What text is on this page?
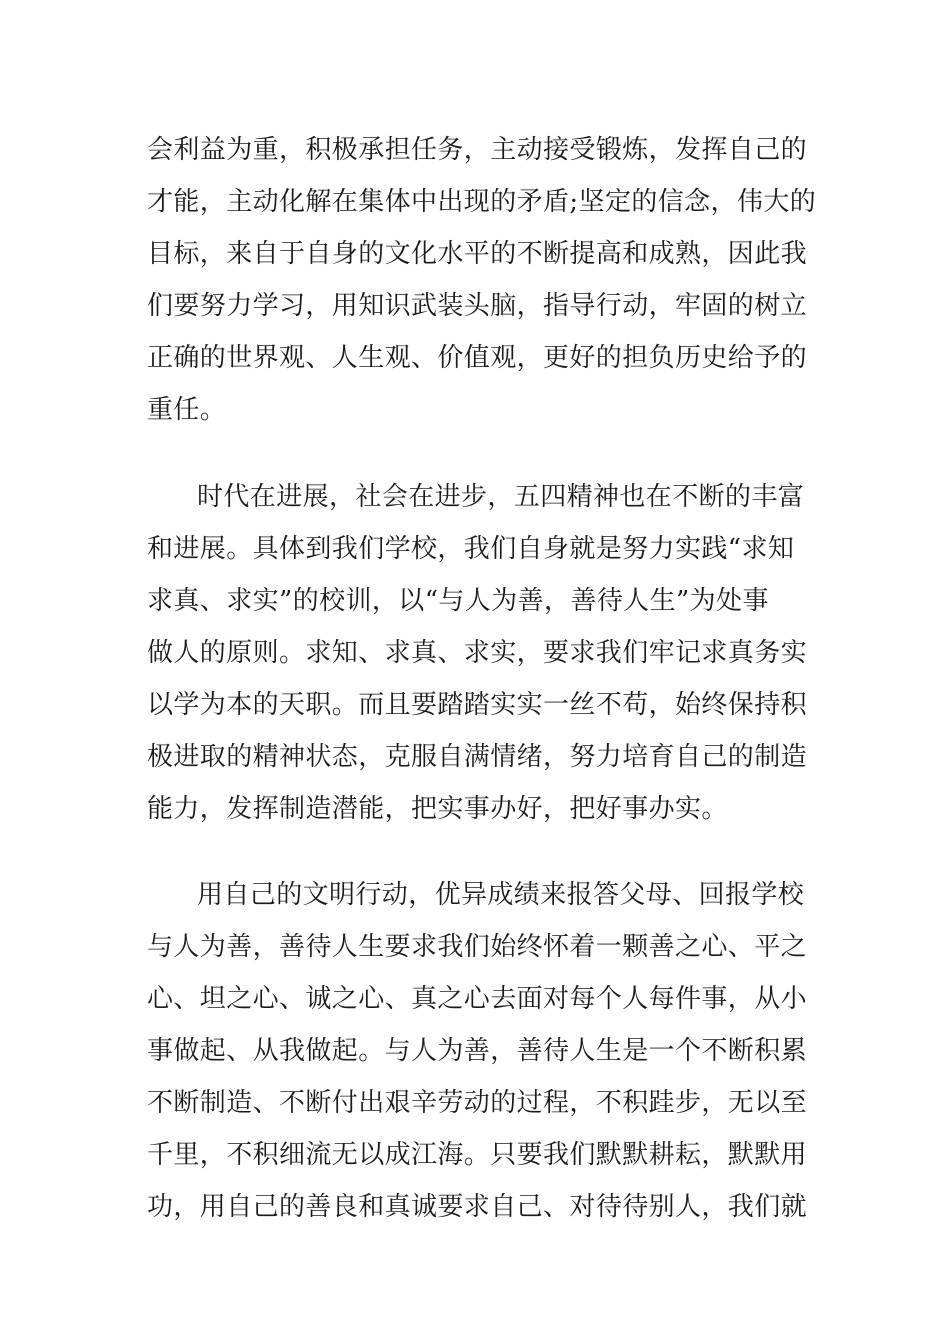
会利益为重，积极承担任务，主动接受锻炼，发挥自己的
才能，主动化解在集体中出现的矛盾;坚定的信念，伟大的
目标，来自于自身的文化水平的不断提高和成熟，因此我
们要努力学习，用知识武装头脑，指导行动，牢固的树立
正确的世界观、人生观、价值观，更好的担负历史给予的
重任。
时代在进展，社会在进步，五四精神也在不断的丰富
和进展。具体到我们学校，我们自身就是努力实践“求知
求真、求实”的校训，以“与人为善，善待人生”为处事
做人的原则。求知、求真、求实，要求我们牢记求真务实
以学为本的天职。而且要踏踏实实一丝不苟，始终保持积
极进取的精神状态，克服自满情绪，努力培育自己的制造
能力，发挥制造潜能，把实事办好，把好事办实。
用自己的文明行动，优异成绩来报答父母、回报学校
与人为善，善待人生要求我们始终怀着一颗善之心、平之
心、坦之心、诚之心、真之心去面对每个人每件事，从小
事做起、从我做起。与人为善，善待人生是一个不断积累
不断制造、不断付出艰辛劳动的过程，不积跬步，无以至
千里，不积细流无以成江海。只要我们默默耕耘，默默用
功，用自己的善良和真诚要求自己、对待待别人，我们就
